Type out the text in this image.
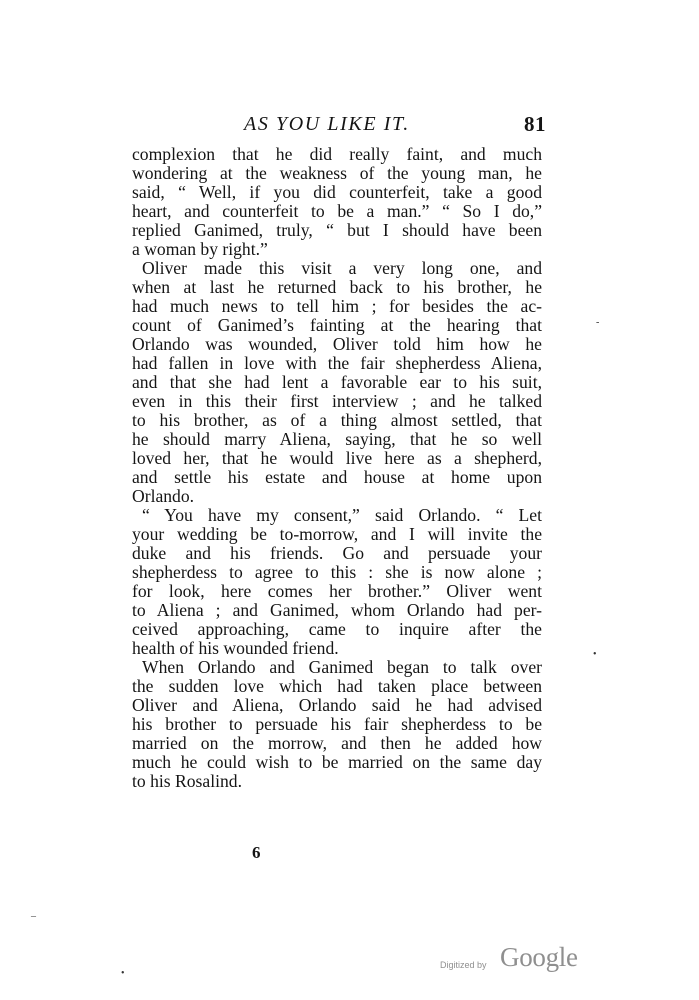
AS YOU LIKE IT.	81
complexion that he did really faint, and much
wondering at the weakness of the young man, he
said, “ Well, if you did counterfeit, take a good
heart, and counterfeit to be a man.” “ So I do,”
replied Ganimed, truly, “ but I should have been
a woman by right.”
Oliver made this visit a very long one, and
when at last he returned back to his brother, he
had much news to tell him ; for besides the ac-
count of Ganimed’s fainting at the hearing that
Orlando was wounded, Oliver told him how he
had fallen in love with the fair shepherdess Aliena,
and that she had lent a favorable ear to his suit,
even in this their first interview ; and he talked
to his brother, as of a thing almost settled, that
he should marry Aliena, saying, that he so well
loved her, that he would live here as a shepherd,
and settle his estate and house at home upon
Orlando.
“ You have my consent,” said Orlando. “ Let
your wedding be to-morrow, and I will invite the
duke and his friends. Go and persuade your
shepherdess to agree to this : she is now alone ;
for look, here comes her brother.” Oliver went
to Aliena ; and Ganimed, whom Orlando had per-
ceived approaching, came to inquire after the
health of his wounded friend.
When Orlando and Ganimed began to talk over
the sudden love which had taken place between
Oliver and Aliena, Orlando said he had advised
his brother to persuade his fair shepherdess to be
married on the morrow, and then he added how
much he could wish to be married on the same day
to his Rosalind.
6
-
•
–
•
Digitized by Google
